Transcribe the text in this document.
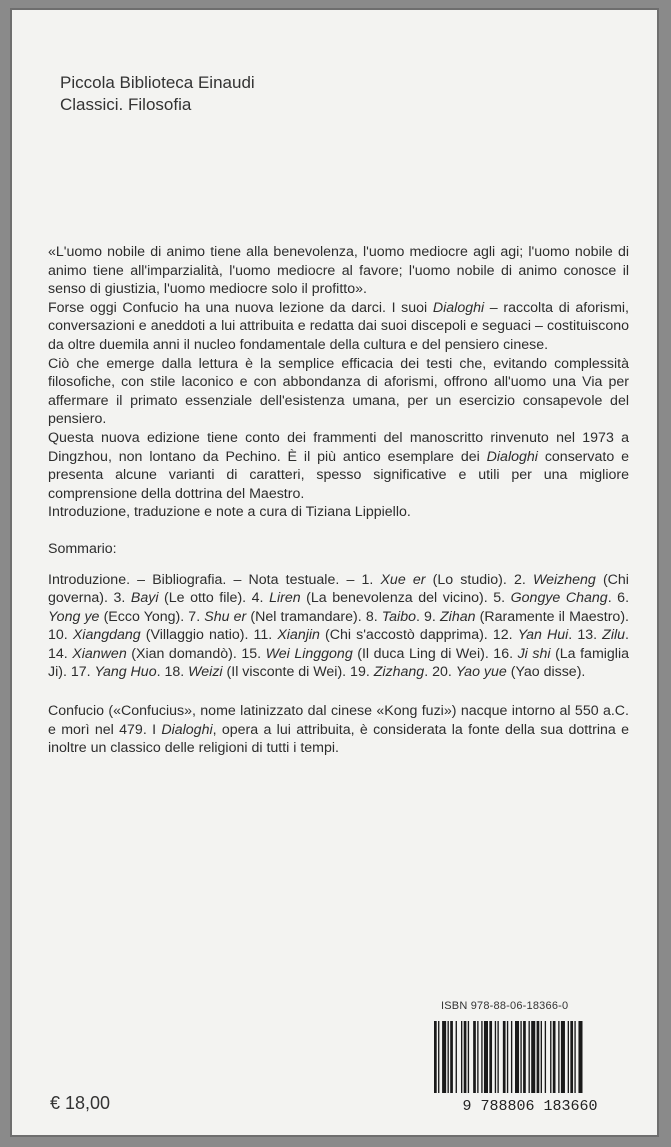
Piccola Biblioteca Einaudi
Classici. Filosofia

«L'uomo nobile di animo tiene alla benevolenza, l'uomo mediocre agli agi; l'uomo nobile di animo tiene all'imparzialità, l'uomo mediocre al favore; l'uomo nobile di animo conosce il senso di giustizia, l'uomo mediocre solo il profitto».

Forse oggi Confucio ha una nuova lezione da darci. I suoi Dialoghi – raccolta di aforismi, conversazioni e aneddoti a lui attribuita e redatta dai suoi discepoli e seguaci – costituiscono da oltre duemila anni il nucleo fondamentale della cultura e del pensiero cinese.

Ciò che emerge dalla lettura è la semplice efficacia dei testi che, evitando complessità filosofiche, con stile laconico e con abbondanza di aforismi, offrono all'uomo una Via per affermare il primato essenziale dell'esistenza umana, per un esercizio consapevole del pensiero.

Questa nuova edizione tiene conto dei frammenti del manoscritto rinvenuto nel 1973 a Dingzhou, non lontano da Pechino. È il più antico esemplare dei Dialoghi conservato e presenta alcune varianti di caratteri, spesso significative e utili per una migliore comprensione della dottrina del Maestro.

Introduzione, traduzione e note a cura di Tiziana Lippiello.

Sommario:

Introduzione. – Bibliografia. – Nota testuale. – 1. Xue er (Lo studio). 2. Weizheng (Chi governa). 3. Bayi (Le otto file). 4. Liren (La benevolenza del vicino). 5. Gongye Chang. 6. Yong ye (Ecco Yong). 7. Shu er (Nel tramandare). 8. Taibo. 9. Zihan (Raramente il Maestro). 10. Xiangdang (Villaggio natio). 11. Xianjin (Chi s'accostò dapprima). 12. Yan Hui. 13. Zilu. 14. Xianwen (Xian domandò). 15. Wei Linggong (Il duca Ling di Wei). 16. Ji shi (La famiglia Ji). 17. Yang Huo. 18. Weizi (Il visconte di Wei). 19. Zizhang. 20. Yao yue (Yao disse).

Confucio («Confucius», nome latinizzato dal cinese «Kong fuzi») nacque intorno al 550 a.C. e morì nel 479. I Dialoghi, opera a lui attribuita, è considerata la fonte della sua dottrina e inoltre un classico delle religioni di tutti i tempi.

ISBN 978-88-06-18366-0
9 788806 183660
€ 18,00
